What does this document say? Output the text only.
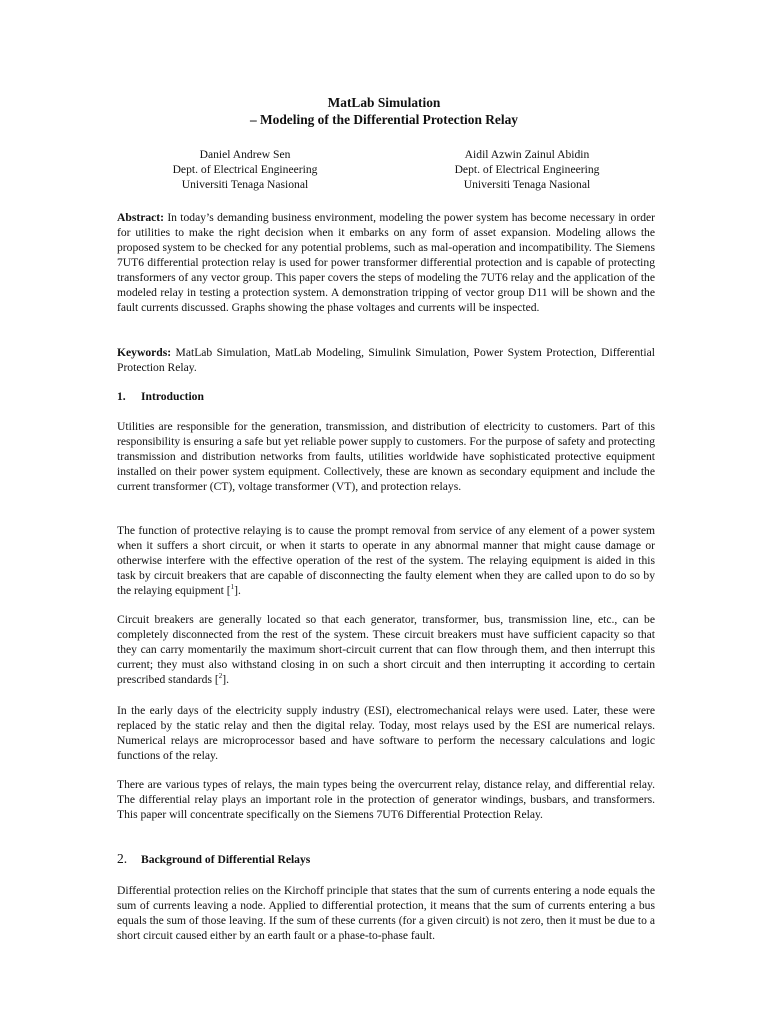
MatLab Simulation
– Modeling of the Differential Protection Relay
Daniel Andrew Sen
Dept. of Electrical Engineering
Universiti Tenaga Nasional
Aidil Azwin Zainul Abidin
Dept. of Electrical Engineering
Universiti Tenaga Nasional
Abstract: In today’s demanding business environment, modeling the power system has become necessary in order for utilities to make the right decision when it embarks on any form of asset expansion. Modeling allows the proposed system to be checked for any potential problems, such as mal-operation and incompatibility. The Siemens 7UT6 differential protection relay is used for power transformer differential protection and is capable of protecting transformers of any vector group. This paper covers the steps of modeling the 7UT6 relay and the application of the modeled relay in testing a protection system. A demonstration tripping of vector group D11 will be shown and the fault currents discussed. Graphs showing the phase voltages and currents will be inspected.
Keywords: MatLab Simulation, MatLab Modeling, Simulink Simulation, Power System Protection, Differential Protection Relay.
1. Introduction
Utilities are responsible for the generation, transmission, and distribution of electricity to customers. Part of this responsibility is ensuring a safe but yet reliable power supply to customers. For the purpose of safety and protecting transmission and distribution networks from faults, utilities worldwide have sophisticated protective equipment installed on their power system equipment. Collectively, these are known as secondary equipment and include the current transformer (CT), voltage transformer (VT), and protection relays.
The function of protective relaying is to cause the prompt removal from service of any element of a power system when it suffers a short circuit, or when it starts to operate in any abnormal manner that might cause damage or otherwise interfere with the effective operation of the rest of the system. The relaying equipment is aided in this task by circuit breakers that are capable of disconnecting the faulty element when they are called upon to do so by the relaying equipment [$^1$].
Circuit breakers are generally located so that each generator, transformer, bus, transmission line, etc., can be completely disconnected from the rest of the system. These circuit breakers must have sufficient capacity so that they can carry momentarily the maximum short-circuit current that can flow through them, and then interrupt this current; they must also withstand closing in on such a short circuit and then interrupting it according to certain prescribed standards [$^2$].
In the early days of the electricity supply industry (ESI), electromechanical relays were used. Later, these were replaced by the static relay and then the digital relay. Today, most relays used by the ESI are numerical relays. Numerical relays are microprocessor based and have software to perform the necessary calculations and logic functions of the relay.
There are various types of relays, the main types being the overcurrent relay, distance relay, and differential relay. The differential relay plays an important role in the protection of generator windings, busbars, and transformers. This paper will concentrate specifically on the Siemens 7UT6 Differential Protection Relay.
2. Background of Differential Relays
Differential protection relies on the Kirchoff principle that states that the sum of currents entering a node equals the sum of currents leaving a node. Applied to differential protection, it means that the sum of currents entering a bus equals the sum of those leaving. If the sum of these currents (for a given circuit) is not zero, then it must be due to a short circuit caused either by an earth fault or a phase-to-phase fault.
